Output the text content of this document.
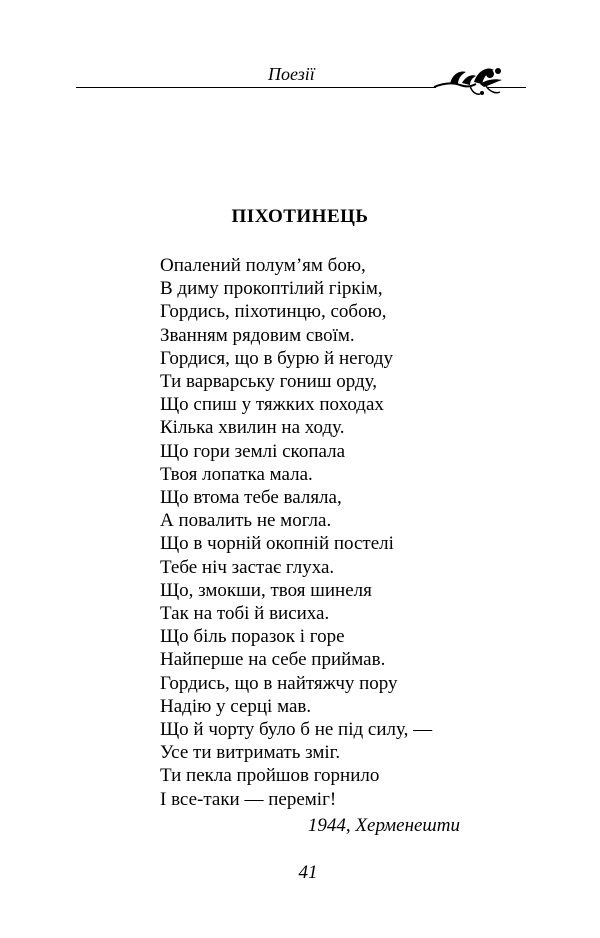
Поезії
ПІХОТИНЕЦЬ
Опалений полум’ям бою,
В диму прокоптілий гіркім,
Гордись, піхотинцю, собою,
Званням рядовим своїм.
Гордися, що в бурю й негоду
Ти варварську гониш орду,
Що спиш у тяжких походах
Кілька хвилин на ходу.
Що гори землі скопала
Твоя лопатка мала.
Що втома тебе валяла,
А повалить не могла.
Що в чорній окопній постелі
Тебе ніч застає глуха.
Що, змокши, твоя шинеля
Так на тобі й висиха.
Що біль поразок і горе
Найперше на себе приймав.
Гордись, що в найтяжчу пору
Надію у серці мав.
Що й чорту було б не під силу, —
Усе ти витримать зміг.
Ти пекла пройшов горнило
І все-таки — переміг!
1944, Херменешти
41
